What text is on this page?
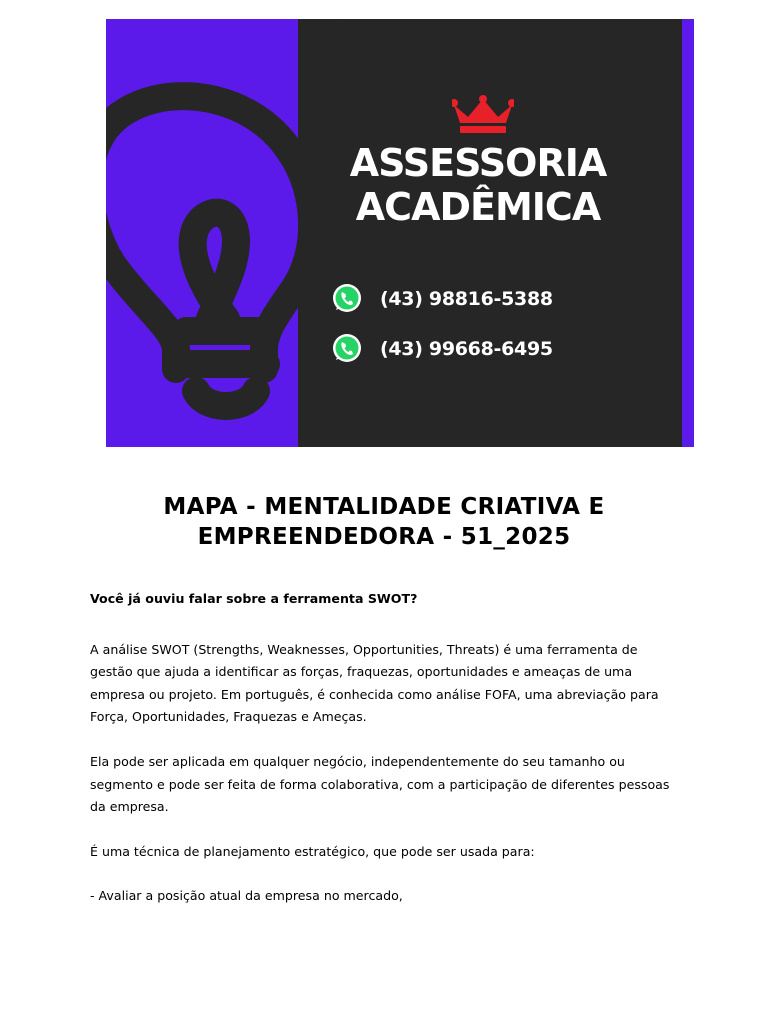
ASSESSORIA
ACADÊMICA
(43) 98816-5388
(43) 99668-6495
MAPA - MENTALIDADE CRIATIVA E EMPREENDEDORA - 51_2025

Você já ouviu falar sobre a ferramenta SWOT?

A análise SWOT (Strengths, Weaknesses, Opportunities, Threats) é uma ferramenta de

gestão que ajuda a identificar as forças, fraquezas, oportunidades e ameaças de uma

empresa ou projeto. Em português, é conhecida como análise FOFA, uma abreviação para

Força, Oportunidades, Fraquezas e Ameças.

Ela pode ser aplicada em qualquer negócio, independentemente do seu tamanho ou

segmento e pode ser feita de forma colaborativa, com a participação de diferentes pessoas

da empresa.

É uma técnica de planejamento estratégico, que pode ser usada para:

- Avaliar a posição atual da empresa no mercado,
